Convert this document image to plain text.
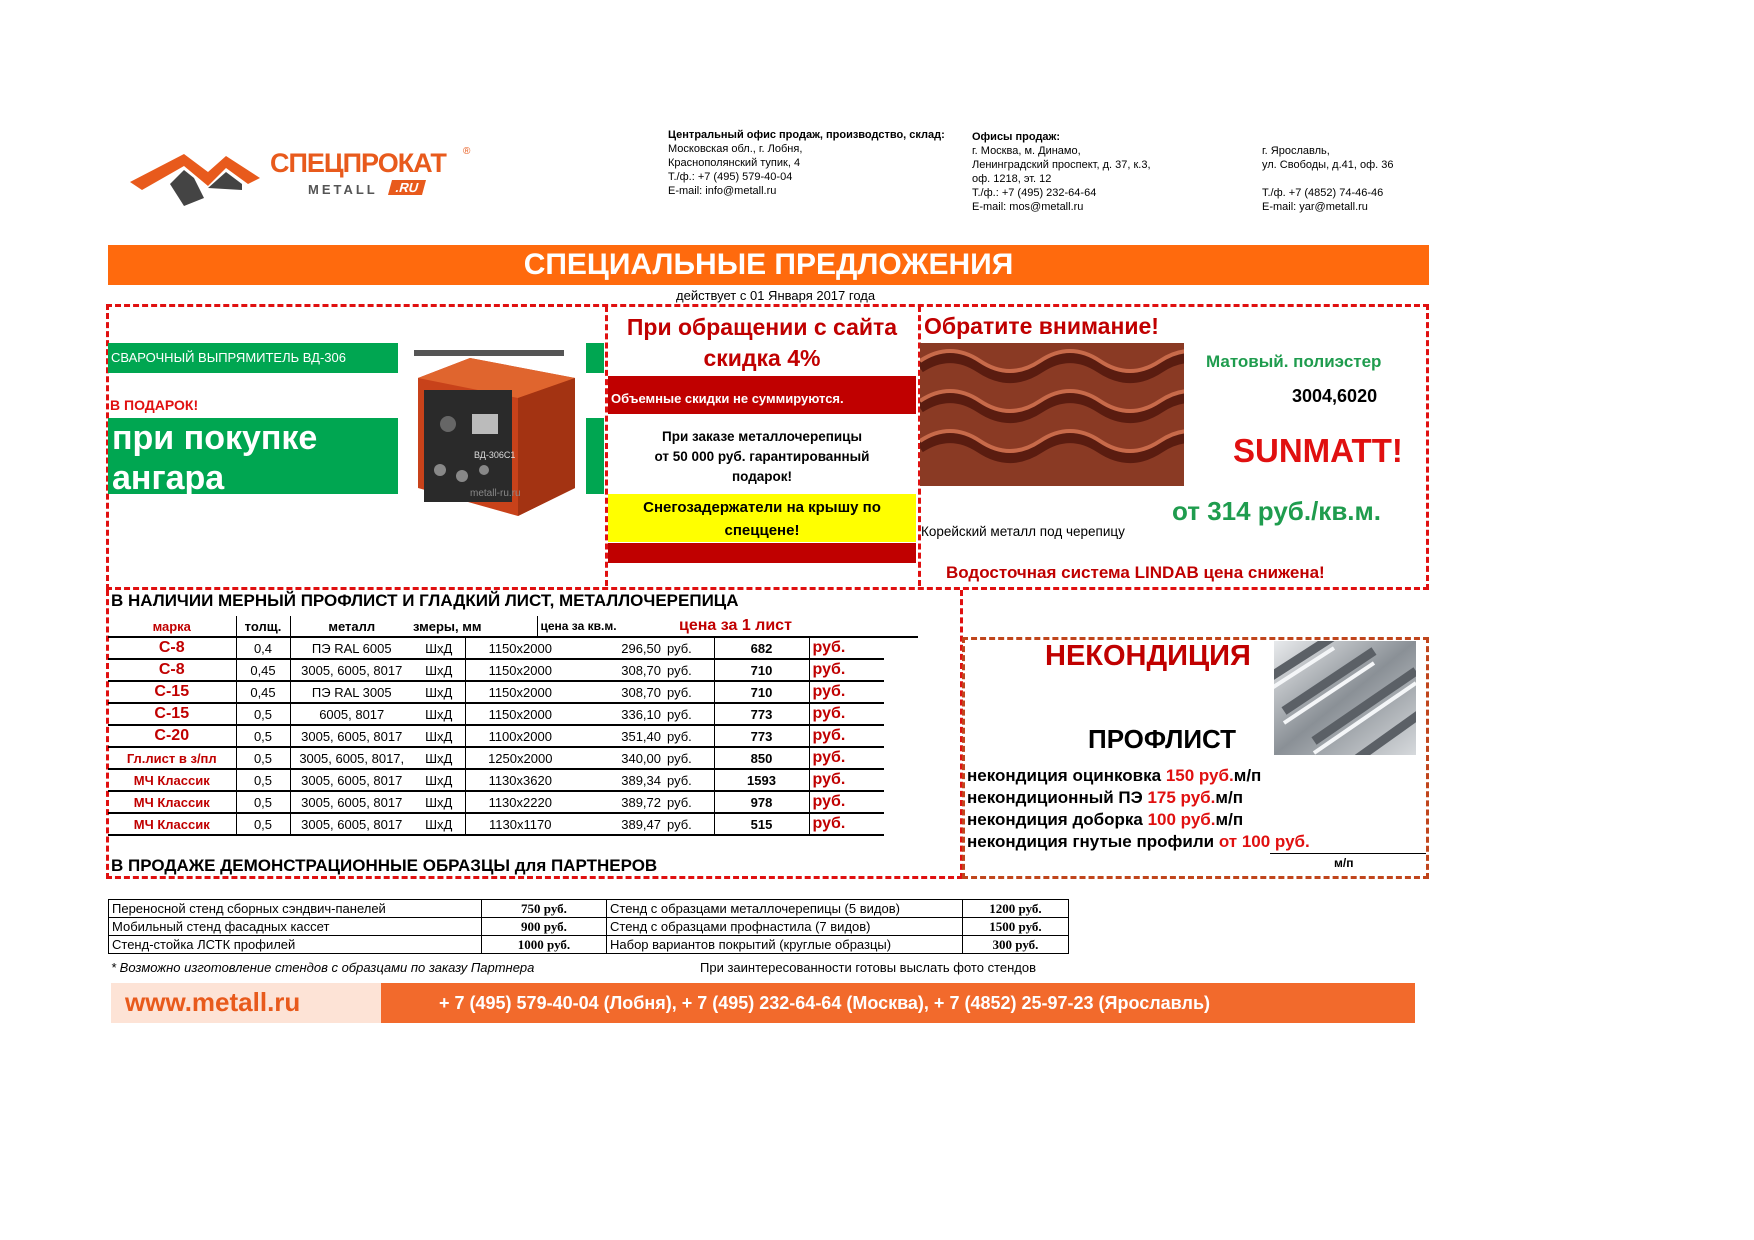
СПЕЦПРОКАТ ®
METALL	.RU
Центральный офис продаж, производство, склад:
Московская обл., г. Лобня,
Краснополянский тупик, 4
Т./ф.: +7 (495) 579-40-04
E-mail: info@metall.ru
Офисы продаж:
г. Москва, м. Динамо,
Ленинградский проспект, д. 37, к.3,
оф. 1218, эт. 12
Т./ф.: +7 (495) 232-64-64
E-mail: mos@metall.ru
г. Ярославль,
ул. Свободы, д.41, оф. 36
Т./ф. +7 (4852) 74-46-46
E-mail: yar@metall.ru
СПЕЦИАЛЬНЫЕ ПРЕДЛОЖЕНИЯ
действует с 01 Января 2017 года
СВАРОЧНЫЙ ВЫПРЯМИТЕЛЬ ВД-306
В ПОДАРОК!
при покупке
ангара
ВД-306С1
metall-ru.ru
При обращении с сайта
скидка 4%
Объемные скидки не суммируются.
При заказе металлочерепицы
от 50 000 руб. гарантированный
подарок!
Снегозадержатели на крышу по
спеццене!
Обратите внимание!
Корейский металл под черепицу
Матовый. полиэстер
3004,6020
SUNMATT!
от 314 руб./кв.м.
Водосточная система LINDAB цена снижена!
В НАЛИЧИИ МЕРНЫЙ ПРОФЛИСТ И ГЛАДКИЙ ЛИСТ, МЕТАЛЛОЧЕРЕПИЦА
марка	толщ.	металл	змеры, мм	цена за кв.м.	цена за 1 лист
С-8	0,4	ПЭ RAL 6005	ШхД	1150x2000	296,50	руб.	682	руб.	
С-8	0,45	3005, 6005, 8017	ШхД	1150x2000	308,70	руб.	710	руб.	
С-15	0,45	ПЭ RAL 3005	ШхД	1150x2000	308,70	руб.	710	руб.	
С-15	0,5	6005, 8017	ШхД	1150x2000	336,10	руб.	773	руб.	
С-20	0,5	3005, 6005, 8017	ШхД	1100x2000	351,40	руб.	773	руб.	
Гл.лист в з/пл	0,5	3005, 6005, 8017,	ШхД	1250x2000	340,00	руб.	850	руб.	
МЧ Классик	0,5	3005, 6005, 8017	ШхД	1130x3620	389,34	руб.	1593	руб.	
МЧ Классик	0,5	3005, 6005, 8017	ШхД	1130x2220	389,72	руб.	978	руб.	
МЧ Классик	0,5	3005, 6005, 8017	ШхД	1130x1170	389,47	руб.	515	руб.	
НЕКОНДИЦИЯ
ПРОФЛИСТ
некондиция оцинковка 150 руб.м/п
некондиционный ПЭ 175 руб.м/п
некондиция доборка 100 руб.м/п
некондиция гнутые профили от 100 руб.
м/п
В ПРОДАЖЕ ДЕМОНСТРАЦИОННЫЕ ОБРАЗЦЫ для ПАРТНЕРОВ
Переносной стенд сборных сэндвич-панелей	750 руб.	Стенд с образцами металлочерепицы (5 видов)	1200 руб.
Мобильный стенд фасадных кассет	900 руб.	Стенд с образцами профнастила (7 видов)	1500 руб.
Стенд-стойка ЛСТК профилей	1000 руб.	Набор вариантов покрытий (круглые образцы)	300 руб.
* Возможно изготовление стендов с образцами по заказу Партнера	При заинтересованности готовы выслать фото стендов
www.metall.ru	+ 7 (495) 579-40-04 (Лобня), + 7 (495) 232-64-64 (Москва), + 7 (4852) 25-97-23 (Ярославль)
